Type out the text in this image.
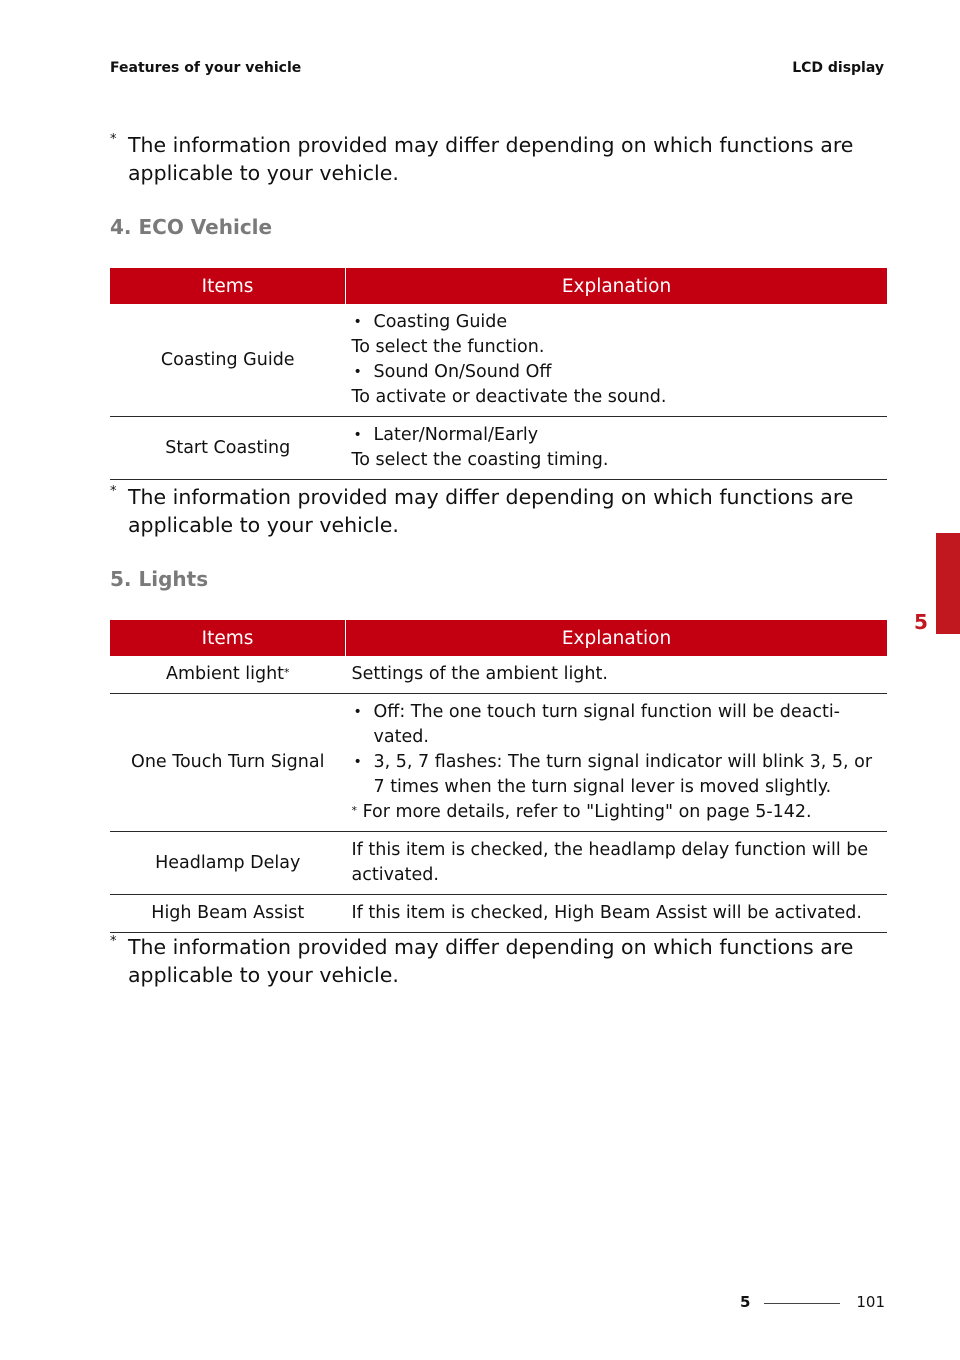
Features of your vehicle	LCD display
* The information provided may differ depending on which functions are
applicable to your vehicle.
4. ECO Vehicle
Items	Explanation
Coasting Guide	• Coasting Guide
To select the function.
• Sound On/Sound Off
To activate or deactivate the sound.

Start Coasting	• Later/Normal/Early
To select the coasting timing.
* The information provided may differ depending on which functions are
applicable to your vehicle.
5. Lights
Items	Explanation
Ambient light*	Settings of the ambient light.

One Touch Turn Signal	• Off: The one touch turn signal function will be deacti- vated.
• 3, 5, 7 flashes: The turn signal indicator will blink 3, 5, or 7 times when the turn signal lever is moved slightly.
* For more details, refer to "Lighting" on page 5-142.

Headlamp Delay	If this item is checked, the headlamp delay function will be activated.

High Beam Assist	If this item is checked, High Beam Assist will be activated.
* The information provided may differ depending on which functions are
applicable to your vehicle.
5
5	101
